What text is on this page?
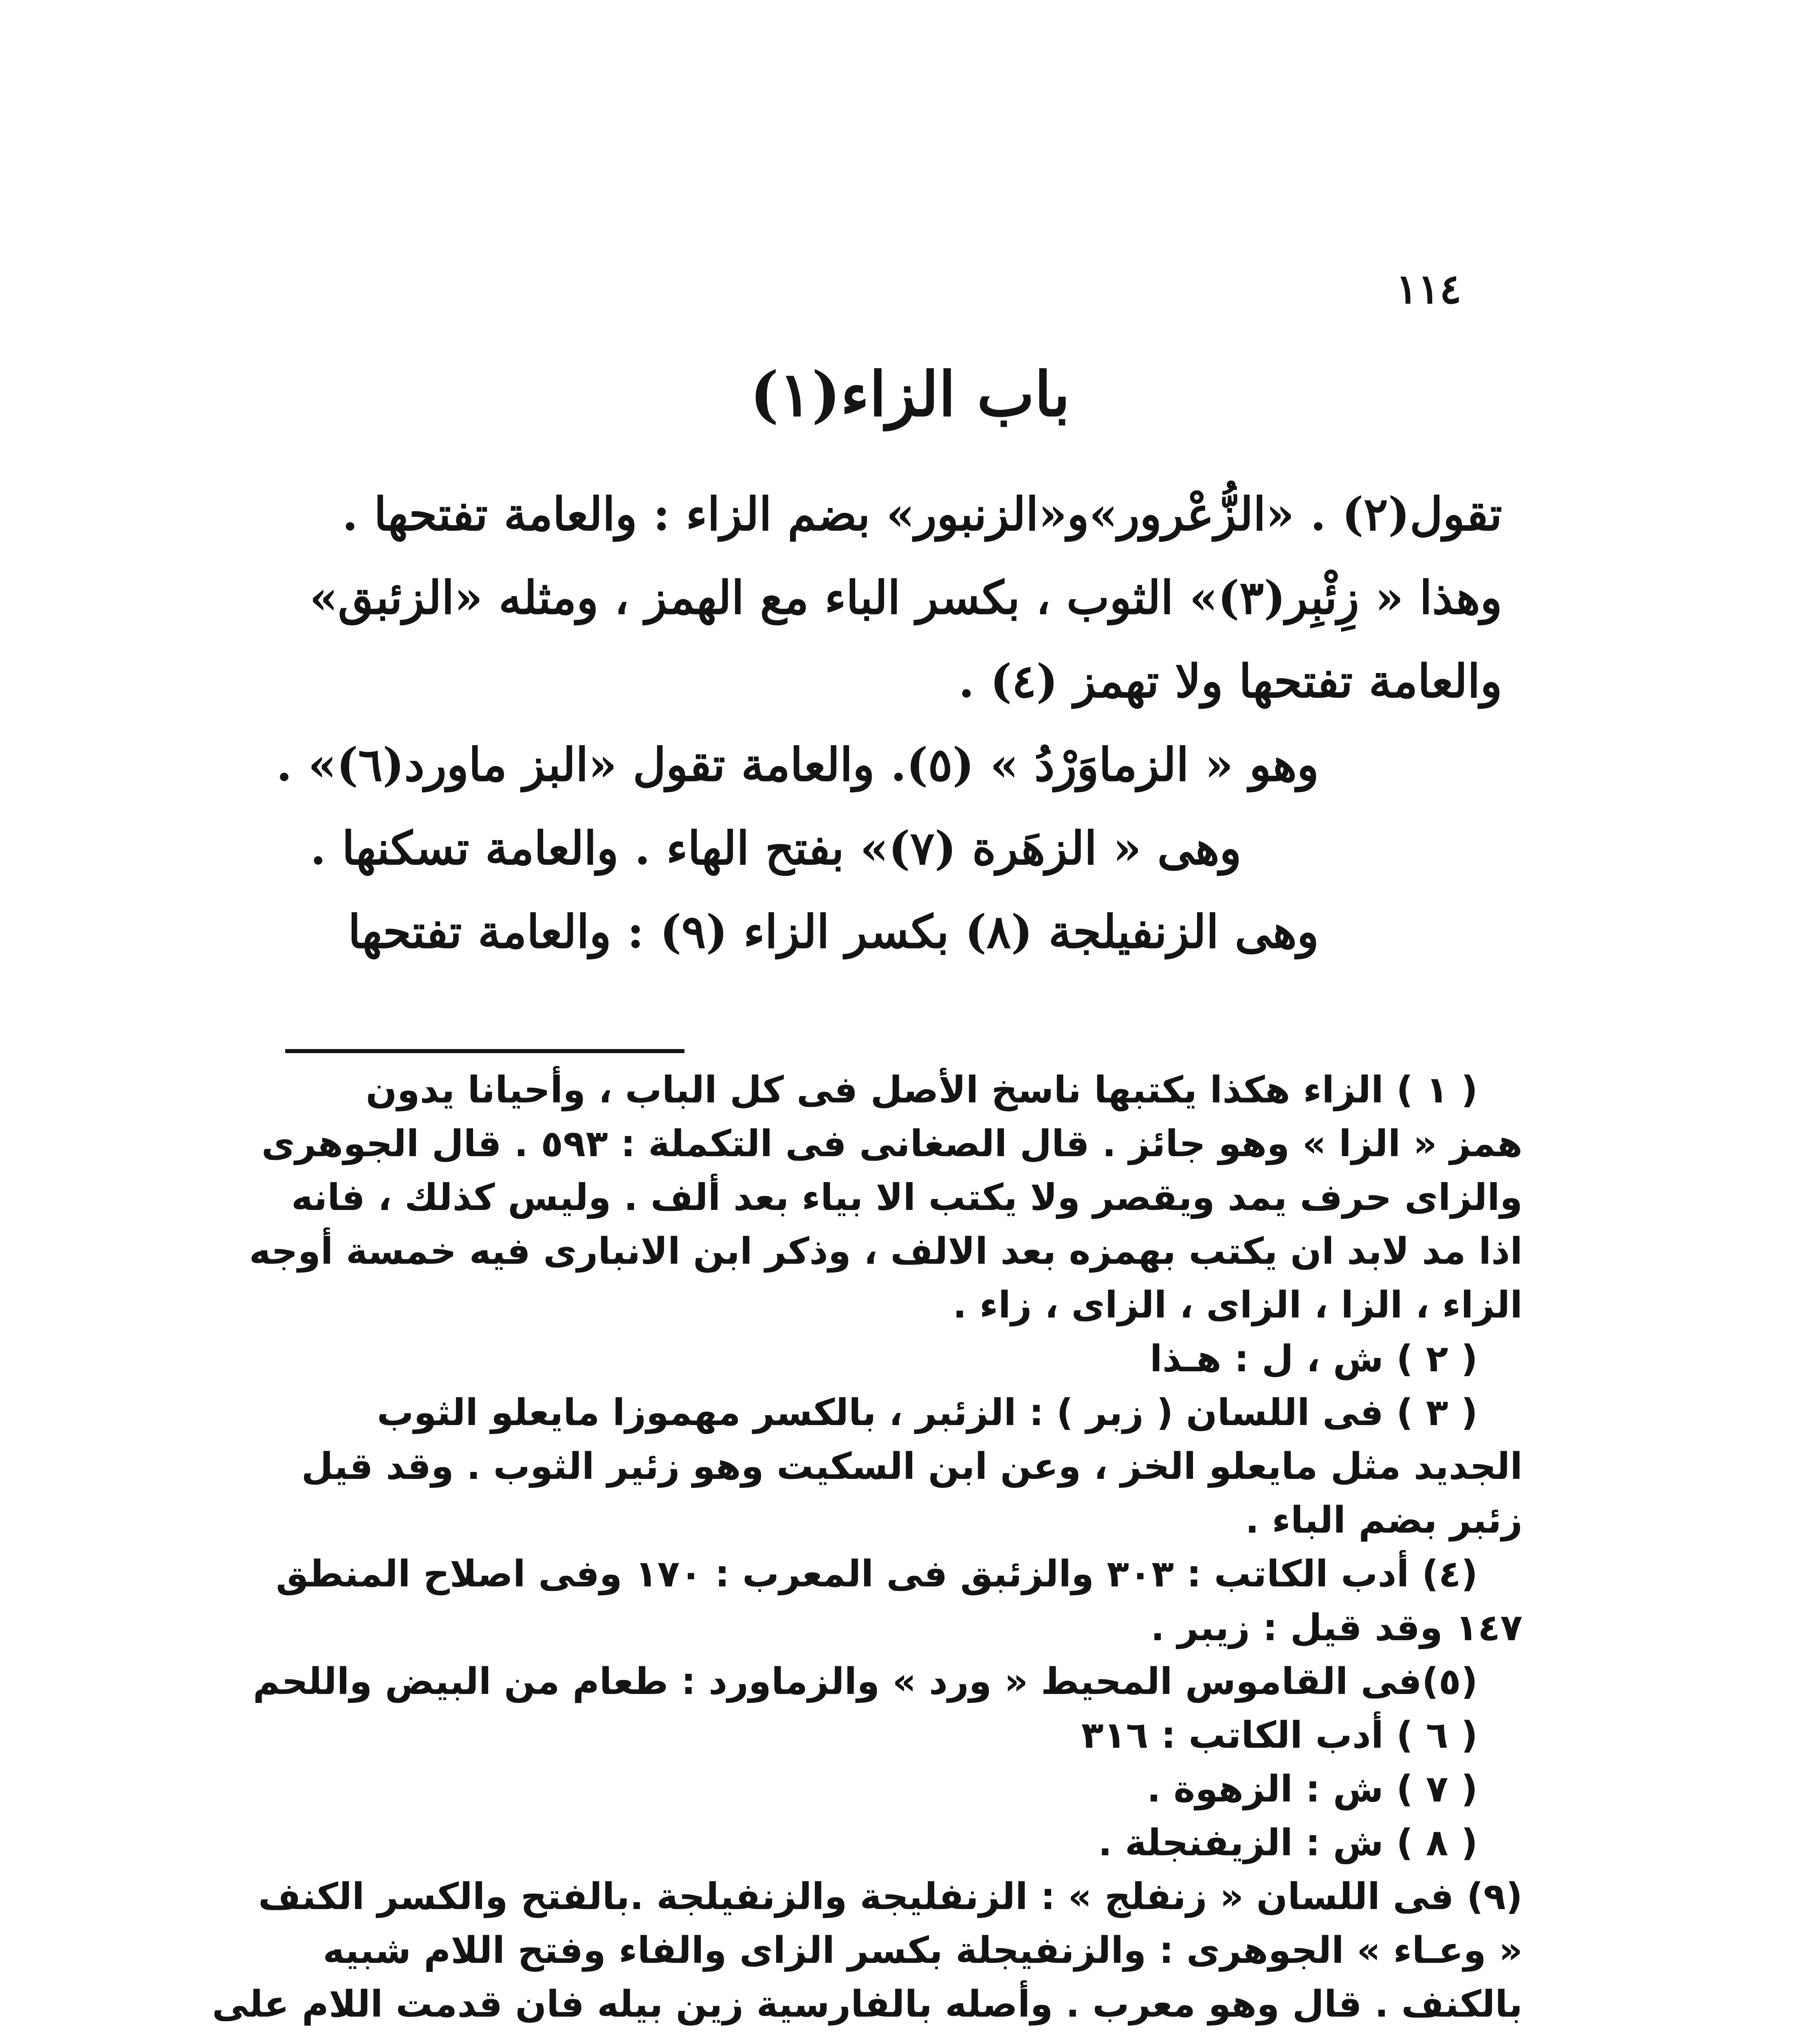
١١٤
باب الزاء(١)
تقول(٢) . «الزُّعْرور»و«الزنبور» بضم الزاء : والعامة تفتحها .
وهذا « زِئْبِر(٣)» الثوب ، بكسر الباء مع الهمز ، ومثله «الزئبق»
والعامة تفتحها ولا تهمز (٤) .
وهو « الزماوَرْدُ » (٥). والعامة تقول «البز ماورد(٦)» .
وهى « الزهَرة (٧)» بفتح الهاء . والعامة تسكنها .
وهى الزنفيلجة (٨) بكسر الزاء (٩) : والعامة تفتحها
( ١ ) الزاء هكذا يكتبها ناسخ الأصل فى كل الباب ، وأحيانا يدون
همز « الزا » وهو جائز . قال الصغانى فى التكملة : ٥٩٣ . قال الجوهرى
والزاى حرف يمد ويقصر ولا يكتب الا بياء بعد ألف . وليس كذلك ، فانه
اذا مد لابد ان يكتب بهمزه بعد الالف ، وذكر ابن الانبارى فيه خمسة أوجه
الزاء ، الزا ، الزاى ، الزاى ، زاء .
( ٢ ) ش ، ل : هـذا
( ٣ ) فى اللسان ( زبر ) : الزئبر ، بالكسر مهموزا مايعلو الثوب
الجديد مثل مايعلو الخز ، وعن ابن السكيت وهو زئير الثوب . وقد قيل
زئبر بضم الباء .
(٤) أدب الكاتب : ٣٠٣ والزئبق فى المعرب : ١٧٠ وفى اصلاح المنطق
١٤٧ وقد قيل : زيبر .
(٥)فى القاموس المحيط « ورد » والزماورد : طعام من البيض واللحم
( ٦ ) أدب الكاتب : ٣١٦
( ٧ ) ش : الزهوة .
( ٨ ) ش : الزيفنجلة .
(٩) فى اللسان « زنفلج » : الزنفليجة والزنفيلجة .بالفتح والكسر الكنف
« وعـاء » الجوهرى : والزنفيجلة بكسر الزاى والفاء وفتح اللام شبيه
بالكنف . قال وهو معرب . وأصله بالفارسية زين بيله فان قدمت اللام على
